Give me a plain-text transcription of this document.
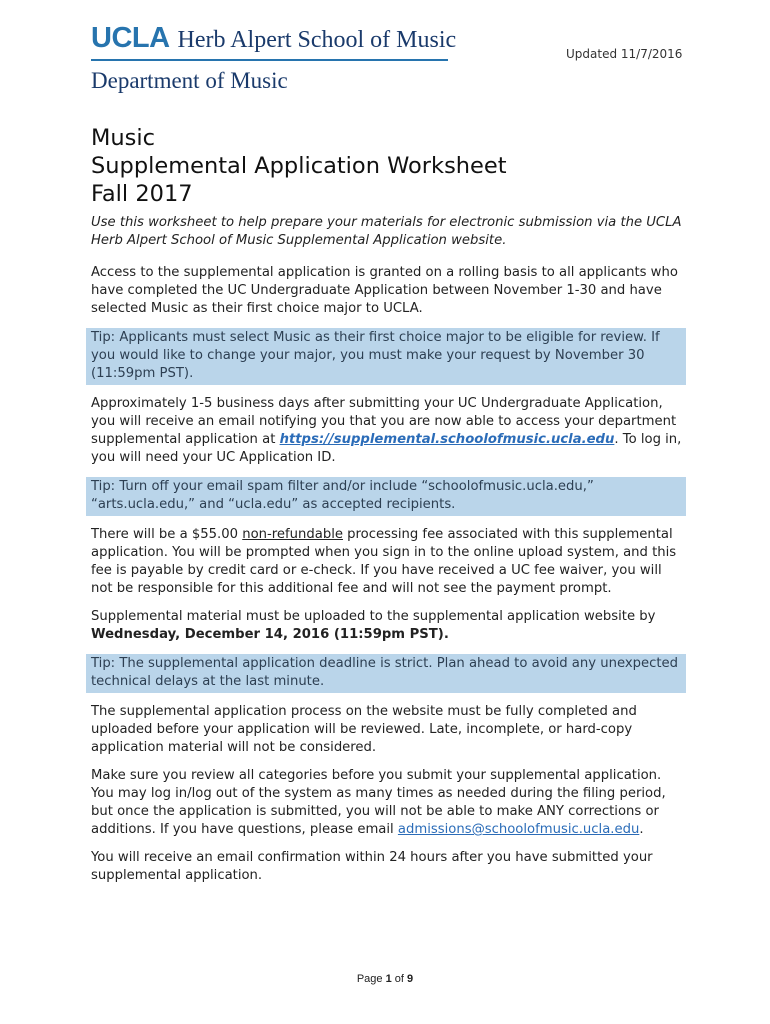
UCLA Herb Alpert School of Music
Department of Music
Updated 11/7/2016
Music
Supplemental Application Worksheet
Fall 2017

Use this worksheet to help prepare your materials for electronic submission via the UCLA Herb Alpert School of Music Supplemental Application website.

Access to the supplemental application is granted on a rolling basis to all applicants who have completed the UC Undergraduate Application between November 1-30 and have selected Music as their first choice major to UCLA.

Tip: Applicants must select Music as their first choice major to be eligible for review. If you would like to change your major, you must make your request by November 30 (11:59pm PST).

Approximately 1-5 business days after submitting your UC Undergraduate Application, you will receive an email notifying you that you are now able to access your department supplemental application at https://supplemental.schoolofmusic.ucla.edu. To log in, you will need your UC Application ID.

Tip: Turn off your email spam filter and/or include “schoolofmusic.ucla.edu,” “arts.ucla.edu,” and “ucla.edu” as accepted recipients.

There will be a $55.00 non-refundable processing fee associated with this supplemental application. You will be prompted when you sign in to the online upload system, and this fee is payable by credit card or e-check. If you have received a UC fee waiver, you will not be responsible for this additional fee and will not see the payment prompt.

Supplemental material must be uploaded to the supplemental application website by Wednesday, December 14, 2016 (11:59pm PST).

Tip: The supplemental application deadline is strict. Plan ahead to avoid any unexpected technical delays at the last minute.

The supplemental application process on the website must be fully completed and uploaded before your application will be reviewed. Late, incomplete, or hard-copy application material will not be considered.

Make sure you review all categories before you submit your supplemental application. You may log in/log out of the system as many times as needed during the filing period, but once the application is submitted, you will not be able to make ANY corrections or additions. If you have questions, please email admissions@schoolofmusic.ucla.edu.

You will receive an email confirmation within 24 hours after you have submitted your supplemental application.

Page 1 of 9
